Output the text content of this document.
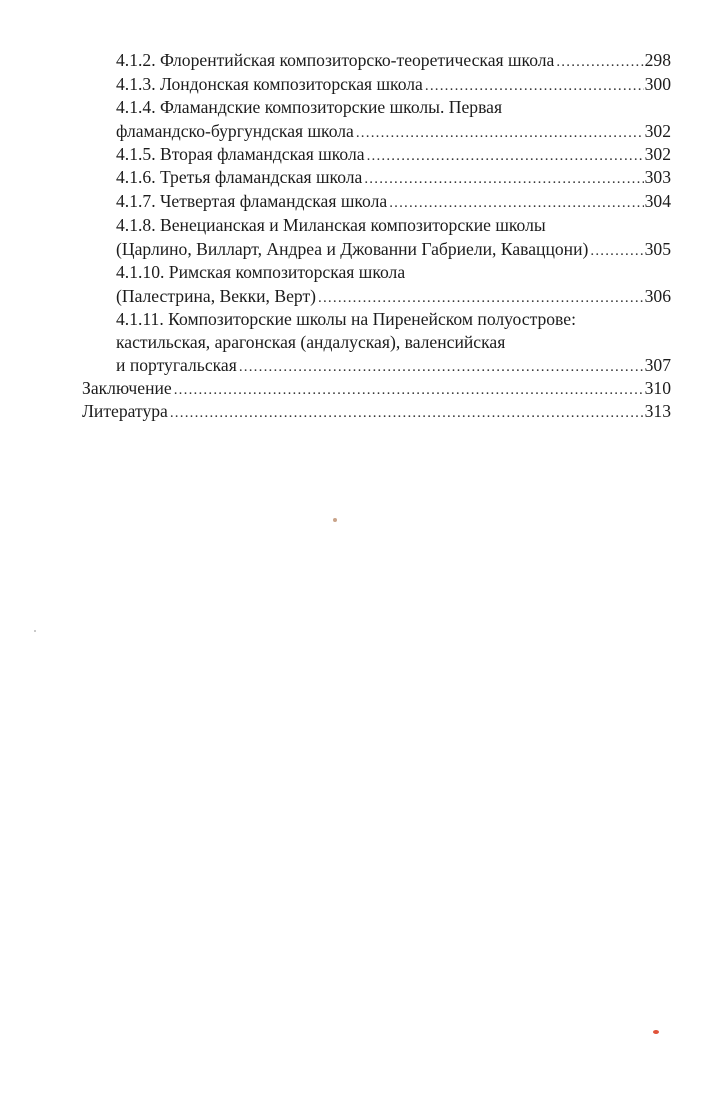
4.1.2. Флорентийская композиторско-теоретическая школа .....	298
4.1.3. Лондонская композиторская школа .....	300
4.1.4. Фламандские композиторские школы. Первая
фламандско-бургундская школа .....	302
4.1.5. Вторая фламандская школа .....	302
4.1.6. Третья фламандская школа .....	303
4.1.7. Четвертая фламандская школа .....	304
4.1.8. Венецианская и Миланская композиторские школы
(Царлино, Вилларт, Андреа и Джованни Габриели, Каваццони) .....	305
4.1.10. Римская композиторская школа
(Палестрина, Векки, Верт) .....	306
4.1.11. Композиторские школы на Пиренейском полуострове:
кастильская, арагонская (андалуская), валенсийская
и португальская .....	307
Заключение .....	310
Литература .....	313
